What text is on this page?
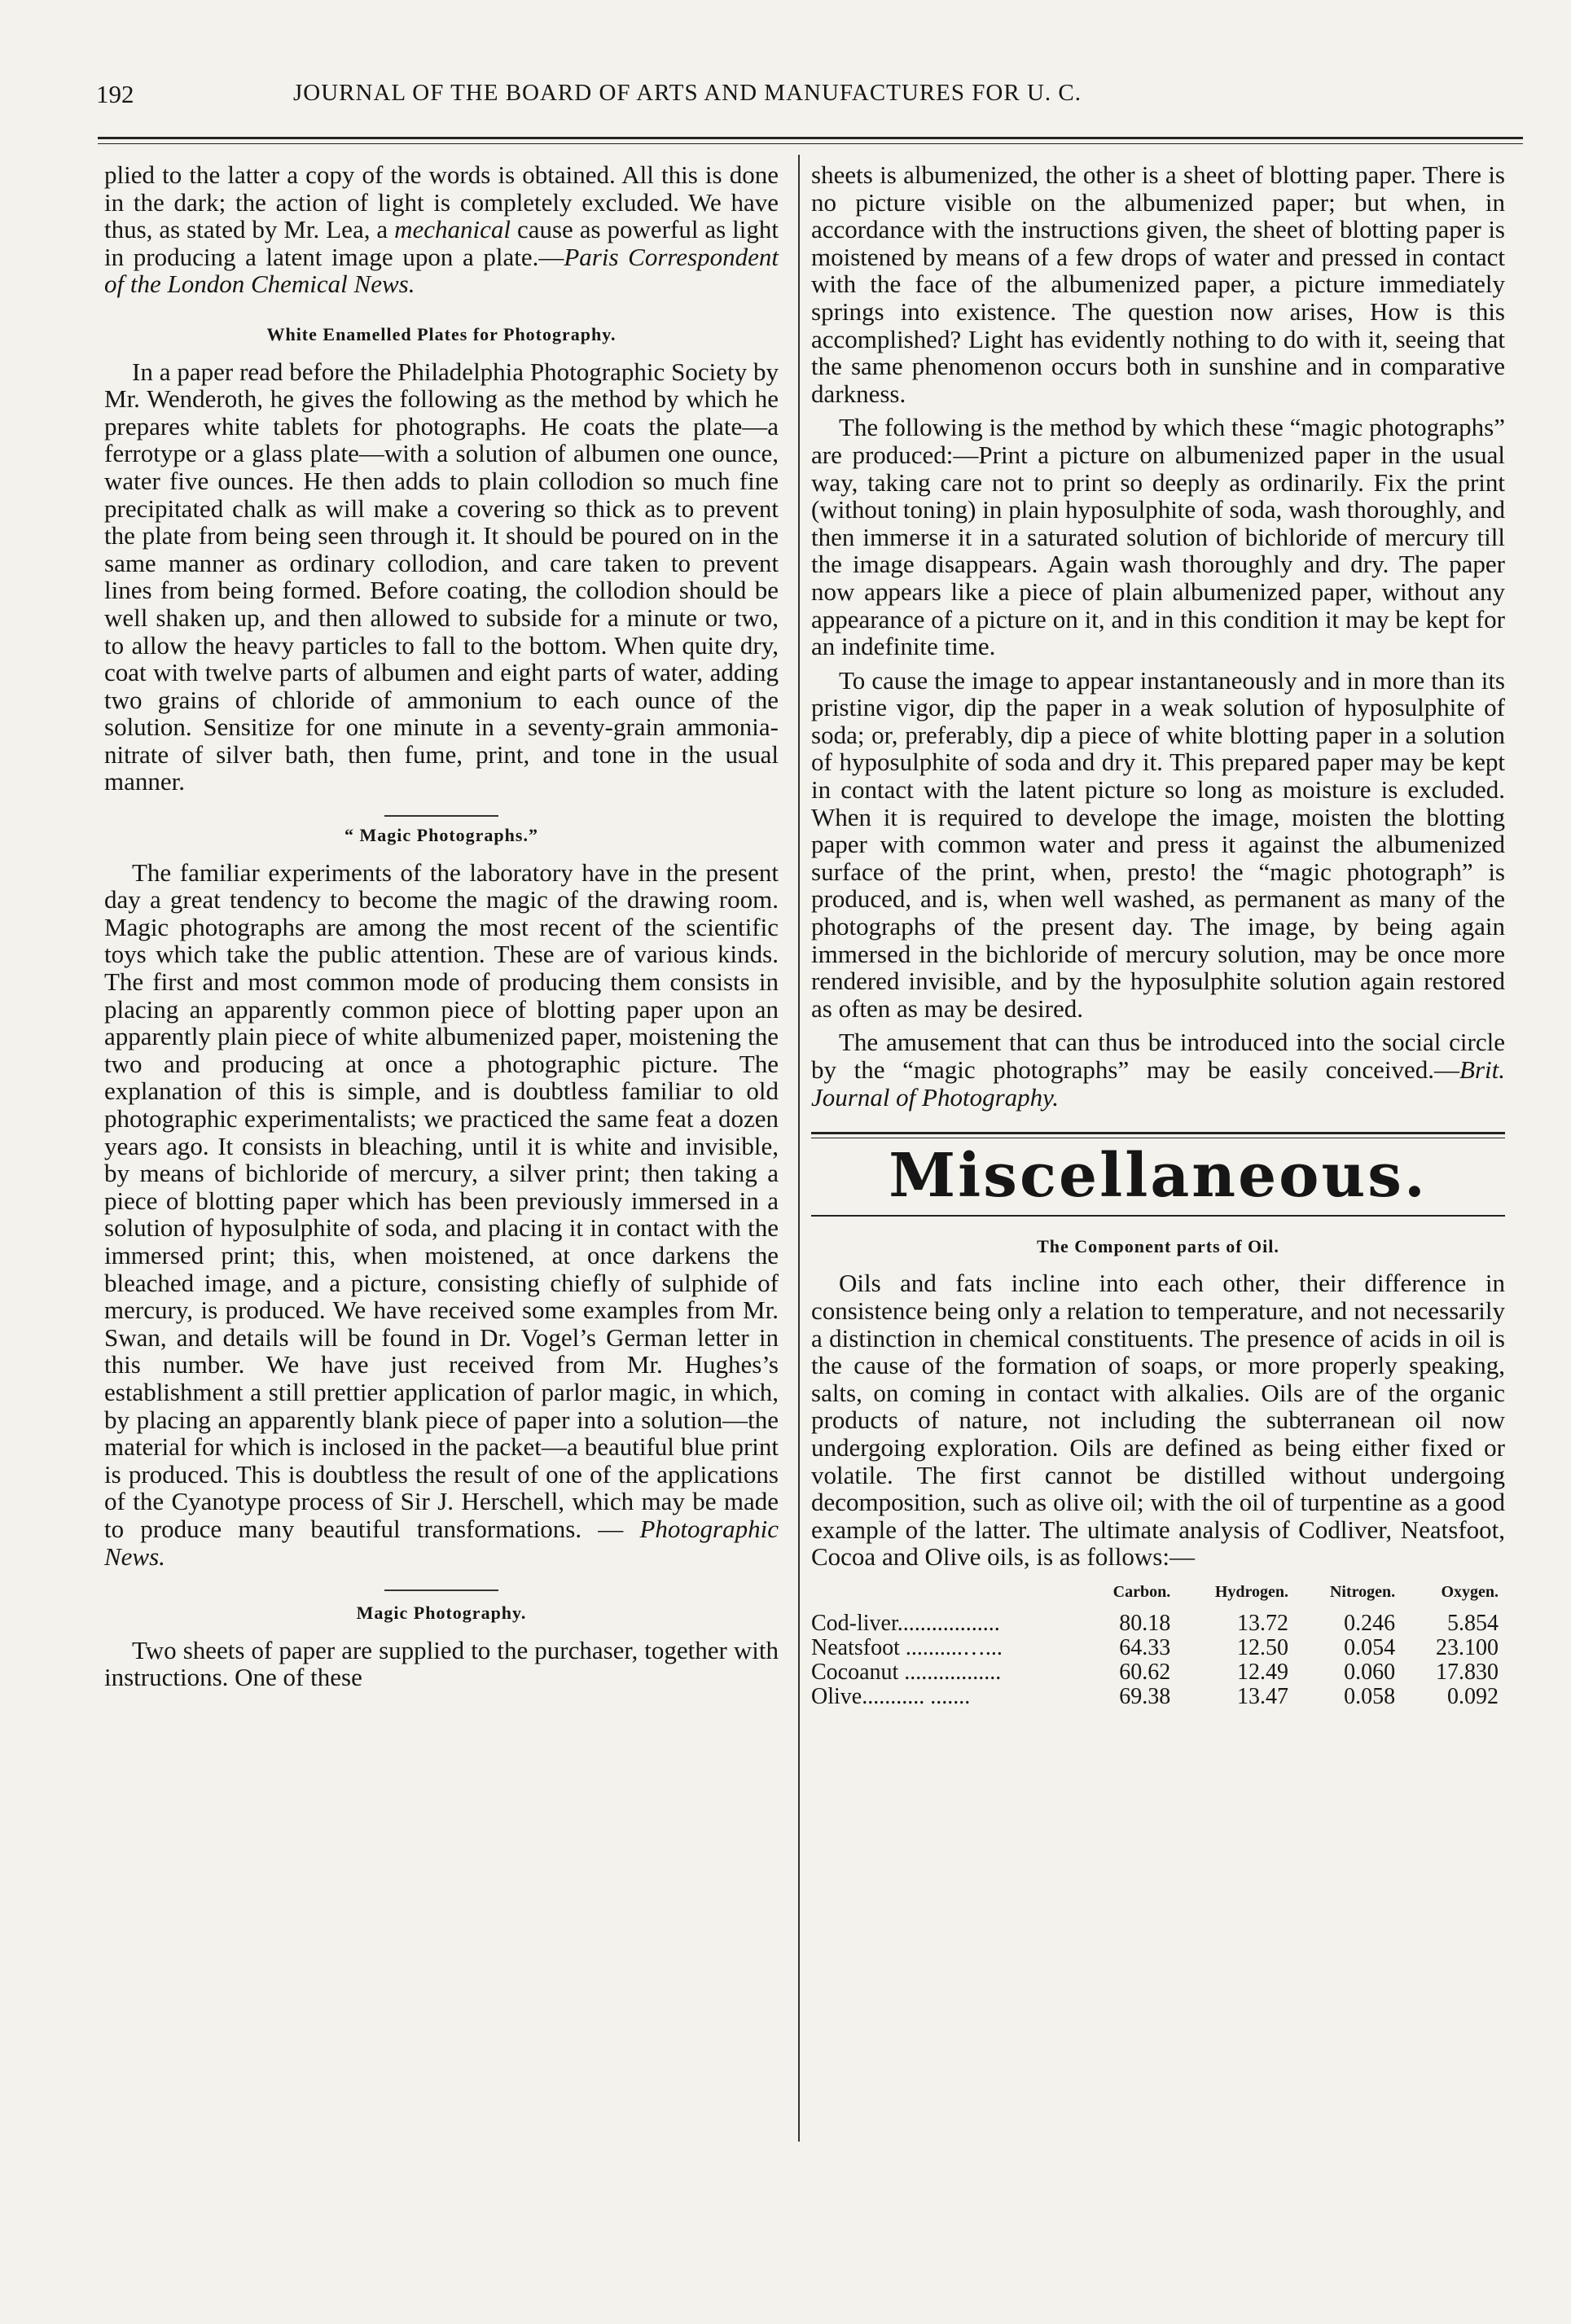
192	JOURNAL OF THE BOARD OF ARTS AND MANUFACTURES FOR U. C.

plied to the latter a copy of the words is obtained. All this is done in the dark; the action of light is completely excluded. We have thus, as stated by Mr. Lea, a mechanical cause as powerful as light in producing a latent image upon a plate.—Paris Correspondent of the London Chemical News.

White Enamelled Plates for Photography.

In a paper read before the Philadelphia Photographic Society by Mr. Wenderoth, he gives the following as the method by which he prepares white tablets for photographs. He coats the plate—a ferrotype or a glass plate—with a solution of albumen one ounce, water five ounces. He then adds to plain collodion so much fine precipitated chalk as will make a covering so thick as to prevent the plate from being seen through it. It should be poured on in the same manner as ordinary collodion, and care taken to prevent lines from being formed. Before coating, the collodion should be well shaken up, and then allowed to subside for a minute or two, to allow the heavy particles to fall to the bottom. When quite dry, coat with twelve parts of albumen and eight parts of water, adding two grains of chloride of ammonium to each ounce of the solution. Sensitize for one minute in a seventy-grain ammonia-nitrate of silver bath, then fume, print, and tone in the usual manner.

“ Magic Photographs.”

The familiar experiments of the laboratory have in the present day a great tendency to become the magic of the drawing room. Magic photographs are among the most recent of the scientific toys which take the public attention. These are of various kinds. The first and most common mode of producing them consists in placing an apparently common piece of blotting paper upon an apparently plain piece of white albumenized paper, moistening the two and producing at once a photographic picture. The explanation of this is simple, and is doubtless familiar to old photographic experimentalists; we practiced the same feat a dozen years ago. It consists in bleaching, until it is white and invisible, by means of bichloride of mercury, a silver print; then taking a piece of blotting paper which has been previously immersed in a solution of hyposulphite of soda, and placing it in contact with the immersed print; this, when moistened, at once darkens the bleached image, and a picture, consisting chiefly of sulphide of mercury, is produced. We have received some examples from Mr. Swan, and details will be found in Dr. Vogel’s German letter in this number. We have just received from Mr. Hughes’s establishment a still prettier application of parlor magic, in which, by placing an apparently blank piece of paper into a solution—the material for which is inclosed in the packet—a beautiful blue print is produced. This is doubtless the result of one of the applications of the Cyanotype process of Sir J. Herschell, which may be made to produce many beautiful transformations. — Photographic News.

Magic Photography.

Two sheets of paper are supplied to the purchaser, together with instructions. One of these

sheets is albumenized, the other is a sheet of blotting paper. There is no picture visible on the albumenized paper; but when, in accordance with the instructions given, the sheet of blotting paper is moistened by means of a few drops of water and pressed in contact with the face of the albumenized paper, a picture immediately springs into existence. The question now arises, How is this accomplished? Light has evidently nothing to do with it, seeing that the same phenomenon occurs both in sunshine and in comparative darkness.

The following is the method by which these “magic photographs” are produced:—Print a picture on albumenized paper in the usual way, taking care not to print so deeply as ordinarily. Fix the print (without toning) in plain hyposulphite of soda, wash thoroughly, and then immerse it in a saturated solution of bichloride of mercury till the image disappears. Again wash thoroughly and dry. The paper now appears like a piece of plain albumenized paper, without any appearance of a picture on it, and in this condition it may be kept for an indefinite time.

To cause the image to appear instantaneously and in more than its pristine vigor, dip the paper in a weak solution of hyposulphite of soda; or, preferably, dip a piece of white blotting paper in a solution of hyposulphite of soda and dry it. This prepared paper may be kept in contact with the latent picture so long as moisture is excluded. When it is required to develope the image, moisten the blotting paper with common water and press it against the albumenized surface of the print, when, presto! the “magic photograph” is produced, and is, when well washed, as permanent as many of the photographs of the present day. The image, by being again immersed in the bichloride of mercury solution, may be once more rendered invisible, and by the hyposulphite solution again restored as often as may be desired.

The amusement that can thus be introduced into the social circle by the “magic photographs” may be easily conceived.—Brit. Journal of Photography.

Miscellaneous.
The Component parts of Oil.

Oils and fats incline into each other, their difference in consistence being only a relation to temperature, and not necessarily a distinction in chemical constituents. The presence of acids in oil is the cause of the formation of soaps, or more properly speaking, salts, on coming in contact with alkalies. Oils are of the organic products of nature, not including the subterranean oil now undergoing exploration. Oils are defined as being either fixed or volatile. The first cannot be distilled without undergoing decomposition, such as olive oil; with the oil of turpentine as a good example of the latter. The ultimate analysis of Codliver, Neatsfoot, Cocoa and Olive oils, is as follows:—

	Carbon.	Hydrogen.	Nitrogen.	Oxygen.
Cod-liver..................	80.18	13.72	0.246	5.854
Neatsfoot ..........…...	64.33	12.50	0.054	23.100
Cocoanut .................	60.62	12.49	0.060	17.830
Olive........... .......	69.38	13.47	0.058	0.092
